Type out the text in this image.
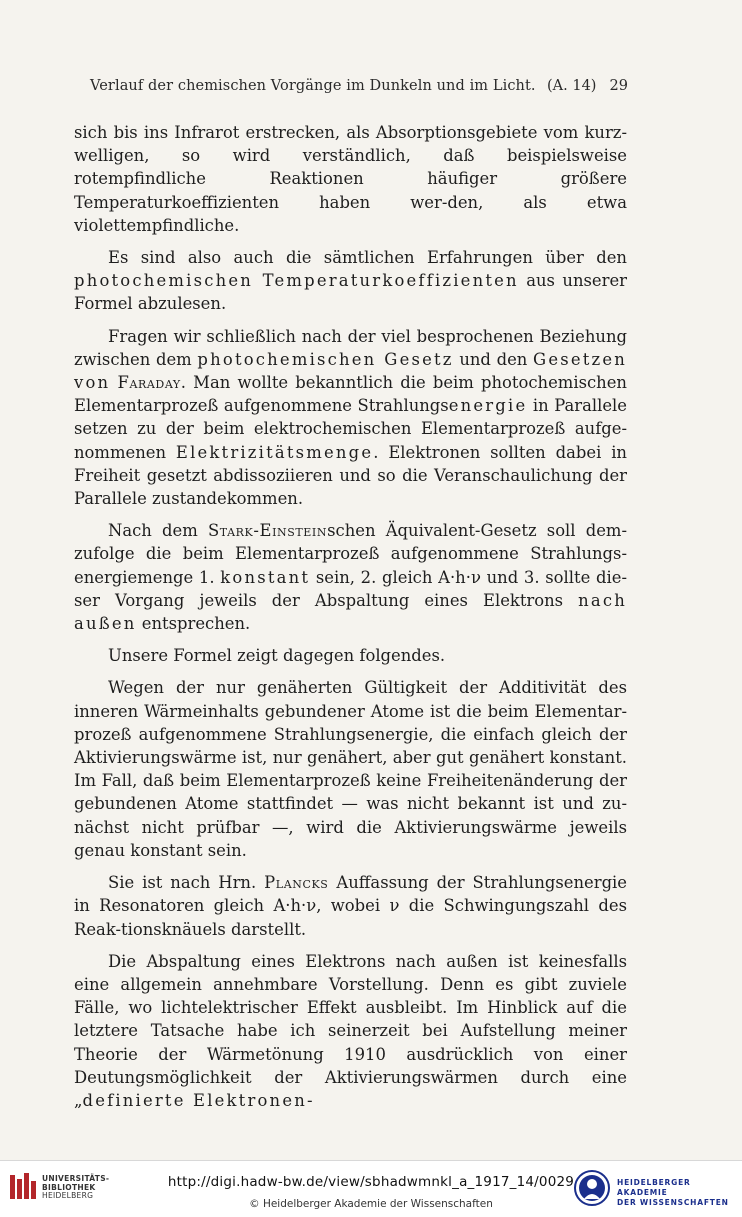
Verlauf der chemischen Vorgänge im Dunkeln und im Licht. (A. 14) 29

sich bis ins Infrarot erstrecken, als Absorptionsgebiete vom kurz-welligen, so wird verständlich, daß beispielsweise rotempfindliche Reaktionen häufiger größere Temperaturkoeffizienten haben wer-den, als etwa violettempfindliche.

Es sind also auch die sämtlichen Erfahrungen über den photochemischen Temperaturkoeffizienten aus unserer Formel abzulesen.

Fragen wir schließlich nach der viel besprochenen Beziehung zwischen dem photochemischen Gesetz und den Gesetzen von Faraday. Man wollte bekanntlich die beim photochemischen Elementarprozeß aufgenommene Strahlungsenergie in Parallele setzen zu der beim elektrochemischen Elementarprozeß aufge-nommenen Elektrizitätsmenge. Elektronen sollten dabei in Freiheit gesetzt abdissoziieren und so die Veranschaulichung der Parallele zustandekommen.

Nach dem Stark-Einsteinschen Äquivalent-Gesetz soll dem-zufolge die beim Elementarprozeß aufgenommene Strahlungs-energiemenge 1. konstant sein, 2. gleich A·h·ν und 3. sollte die-ser Vorgang jeweils der Abspaltung eines Elektrons nach außen entsprechen.

Unsere Formel zeigt dagegen folgendes.

Wegen der nur genäherten Gültigkeit der Additivität des inneren Wärmeinhalts gebundener Atome ist die beim Elementar-prozeß aufgenommene Strahlungsenergie, die einfach gleich der Aktivierungswärme ist, nur genähert, aber gut genähert konstant. Im Fall, daß beim Elementarprozeß keine Freiheitenänderung der gebundenen Atome stattfindet — was nicht bekannt ist und zu-nächst nicht prüfbar —, wird die Aktivierungswärme jeweils genau konstant sein.

Sie ist nach Hrn. Plancks Auffassung der Strahlungsenergie in Resonatoren gleich A·h·ν, wobei ν die Schwingungszahl des Reak-tionsknäuels darstellt.

Die Abspaltung eines Elektrons nach außen ist keinesfalls eine allgemein annehmbare Vorstellung. Denn es gibt zuviele Fälle, wo lichtelektrischer Effekt ausbleibt. Im Hinblick auf die letztere Tatsache habe ich seinerzeit bei Aufstellung meiner Theorie der Wärmetönung 1910 ausdrücklich von einer Deutungsmöglichkeit der Aktivierungswärmen durch eine „definierte Elektronen-

UNIVERSITÄTS-
BIBLIOTHEK
HEIDELBERG
http://digi.hadw-bw.de/view/sbhadwmnkl_a_1917_14/0029
© Heidelberger Akademie der Wissenschaften
HEIDELBERGER AKADEMIE
DER WISSENSCHAFTEN
